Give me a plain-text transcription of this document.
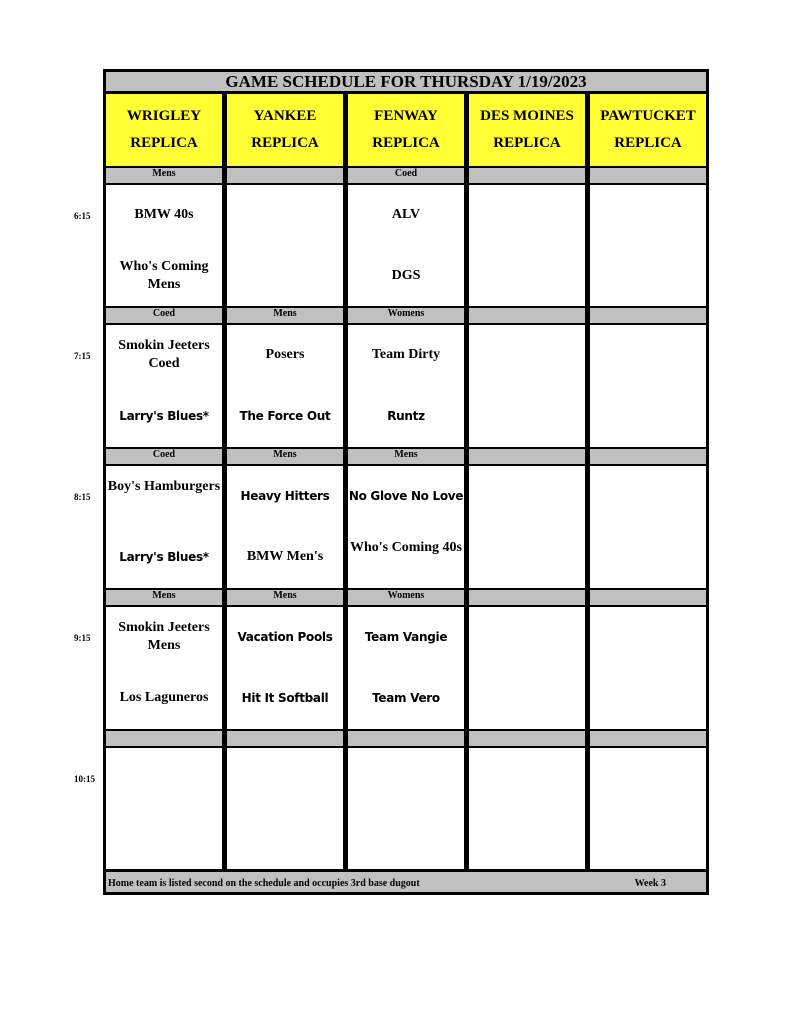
GAME SCHEDULE FOR THURSDAY 1/19/2023
WRIGLEY
REPLICA
YANKEE
REPLICA
FENWAY
REPLICA
DES MOINES
REPLICA
PAWTUCKET
REPLICA
6:15
Mens
BMW 40s
Who's Coming Mens
Coed
ALV
DGS
7:15
Coed
Smokin Jeeters Coed
Larry's Blues*
Mens
Posers
The Force Out
Womens
Team Dirty
Runtz
8:15
Coed
Boy's Hamburgers
Larry's Blues*
Mens
Heavy Hitters
BMW Men's
Mens
No Glove No Love
Who's Coming 40s
9:15
Mens
Smokin Jeeters Mens
Los Laguneros
Mens
Vacation Pools
Hit It Softball
Womens
Team Vangie
Team Vero
10:15
Home team is listed second on the schedule and occupies 3rd base dugout	Week 3
